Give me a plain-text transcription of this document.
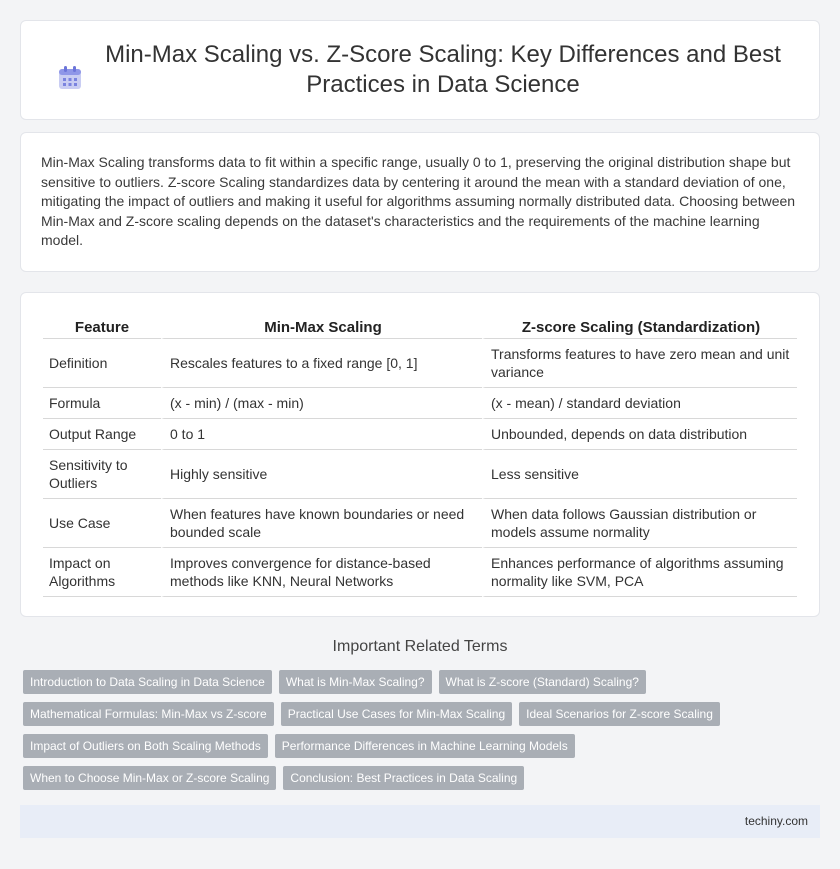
Min-Max Scaling vs. Z-Score Scaling: Key Differences and Best Practices in Data Science

Min-Max Scaling transforms data to fit within a specific range, usually 0 to 1, preserving the original distribution shape but sensitive to outliers. Z-score Scaling standardizes data by centering it around the mean with a standard deviation of one, mitigating the impact of outliers and making it useful for algorithms assuming normally distributed data. Choosing between Min-Max and Z-score scaling depends on the dataset's characteristics and the requirements of the machine learning model.

Feature	Min-Max Scaling	Z-score Scaling (Standardization)
Definition	Rescales features to a fixed range [0, 1]	Transforms features to have zero mean and unit variance
Formula	(x - min) / (max - min)	(x - mean) / standard deviation
Output Range	0 to 1	Unbounded, depends on data distribution
Sensitivity to Outliers	Highly sensitive	Less sensitive
Use Case	When features have known boundaries or need bounded scale	When data follows Gaussian distribution or models assume normality
Impact on Algorithms	Improves convergence for distance-based methods like KNN, Neural Networks	Enhances performance of algorithms assuming normality like SVM, PCA
Important Related Terms
Introduction to Data Scaling in Data Science	What is Min-Max Scaling?	What is Z-score (Standard) Scaling?
Mathematical Formulas: Min-Max vs Z-score	Practical Use Cases for Min-Max Scaling	Ideal Scenarios for Z-score Scaling
Impact of Outliers on Both Scaling Methods	Performance Differences in Machine Learning Models
When to Choose Min-Max or Z-score Scaling	Conclusion: Best Practices in Data Scaling
techiny.com
